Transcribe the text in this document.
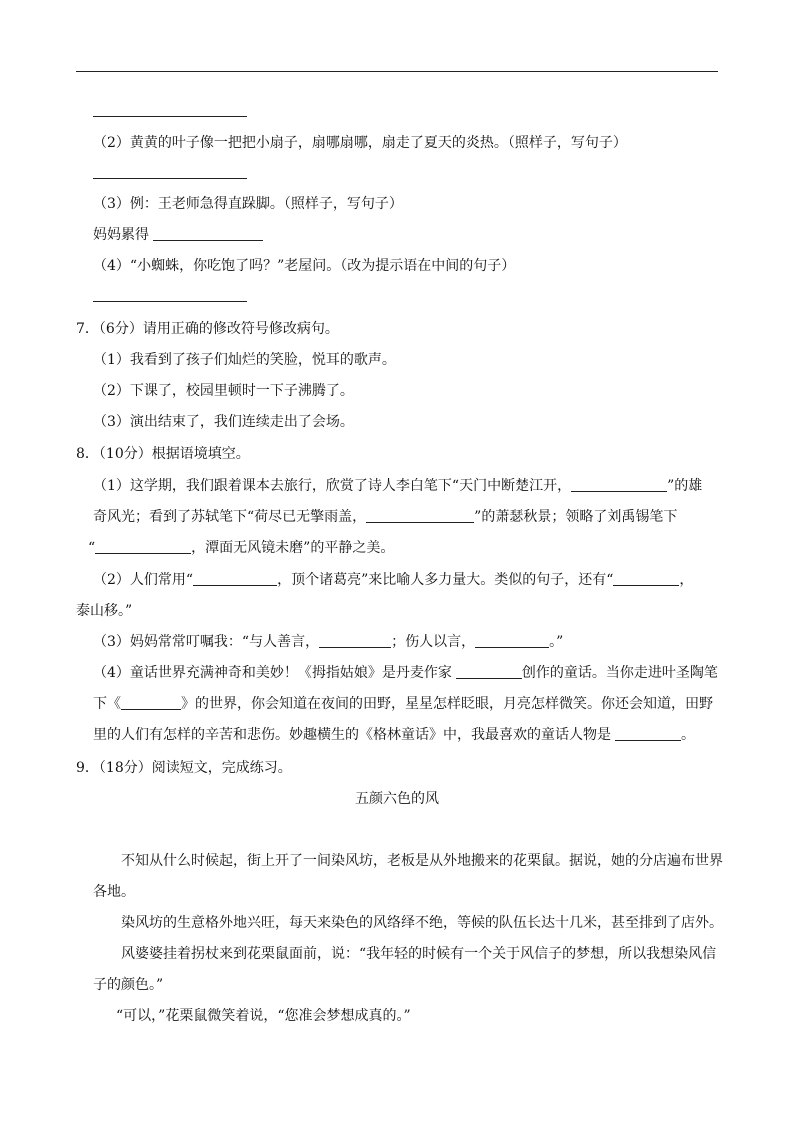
（2）黄黄的叶子像一把把小扇子，扇哪扇哪，扇走了夏天的炎热。（照样子，写句子）
（3）例：王老师急得直跺脚。（照样子，写句子）
妈妈累得
（4）“小蜘蛛，你吃饱了吗？”老屋问。（改为提示语在中间的句子）
7．（6分）请用正确的修改符号修改病句。
（1）我看到了孩子们灿烂的笑脸，悦耳的歌声。
（2）下课了，校园里顿时一下子沸腾了。
（3）演出结束了，我们连续走出了会场。
8．（10分）根据语境填空。
（1）这学期，我们跟着课本去旅行，欣赏了诗人李白笔下“天门中断楚江开，	”的雄
奇风光；看到了苏轼笔下“荷尽已无擎雨盖，	”的萧瑟秋景；领略了刘禹锡笔下
“	，潭面无风镜未磨”的平静之美。
（2）人们常用“	，顶个诸葛亮”来比喻人多力量大。类似的句子，还有“	，
泰山移。”
（3）妈妈常常叮嘱我：“与人善言，	；伤人以言，	。”
（4）童话世界充满神奇和美妙！《拇指姑娘》是丹麦作家	创作的童话。当你走进叶圣陶笔
下《	》的世界，你会知道在夜间的田野，星星怎样眨眼，月亮怎样微笑。你还会知道，田野
里的人们有怎样的辛苦和悲伤。妙趣横生的《格林童话》中，我最喜欢的童话人物是	。
9．（18分）阅读短文，完成练习。
五颜六色的风
不知从什么时候起，街上开了一间染风坊，老板是从外地搬来的花栗鼠。据说，她的分店遍布世界
各地。
染风坊的生意格外地兴旺，每天来染色的风络绎不绝，等候的队伍长达十几米，甚至排到了店外。
风婆婆挂着拐杖来到花栗鼠面前，说：“我年轻的时候有一个关于风信子的梦想，所以我想染风信
子的颜色。”
“可以，”花栗鼠微笑着说，“您准会梦想成真的。”
